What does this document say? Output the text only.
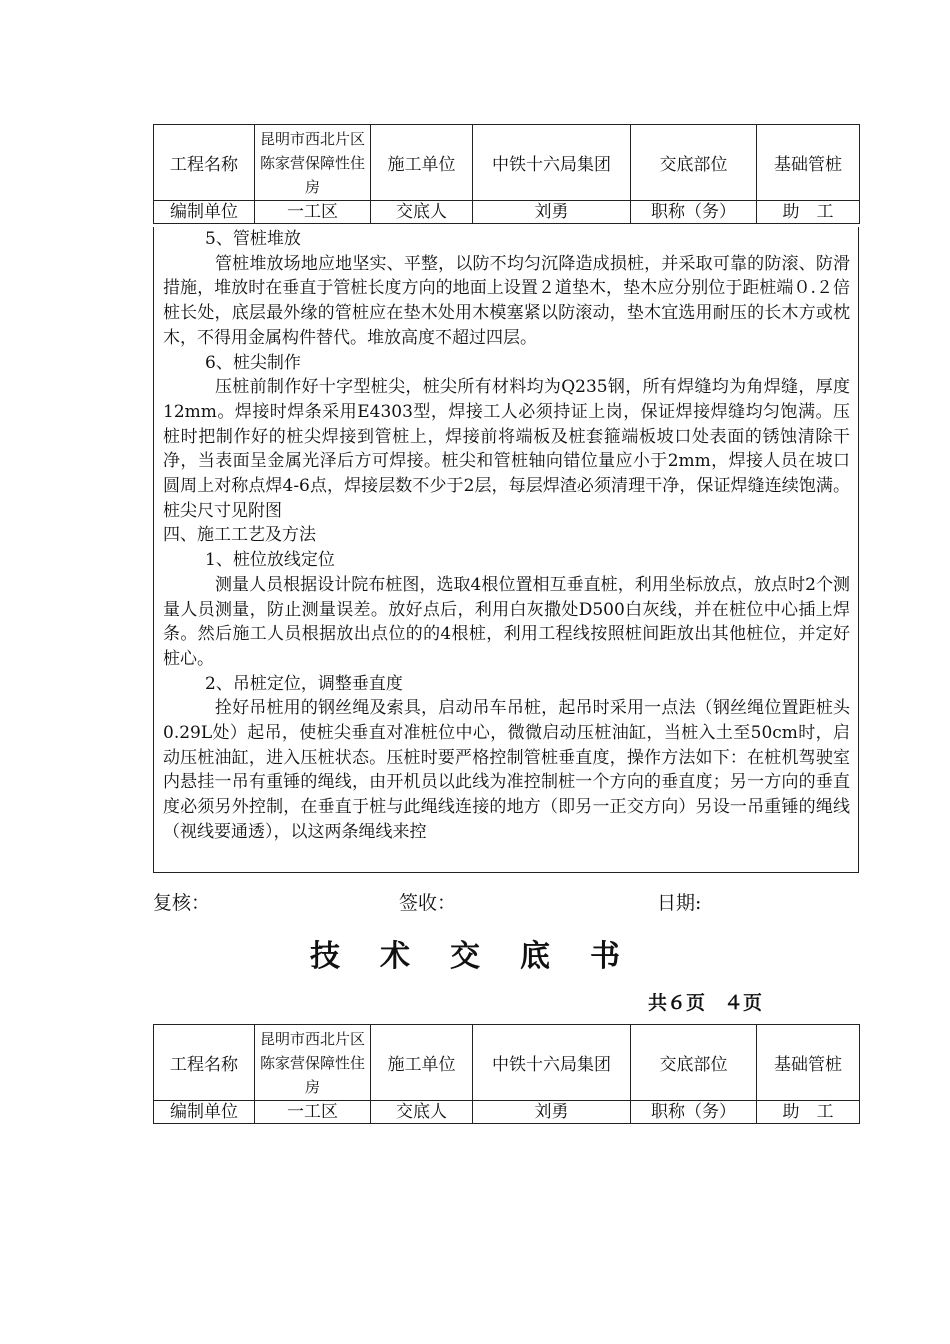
工程名称	昆明市西北片区陈家营保障性住房	施工单位	中铁十六局集团	交底部位	基础管桩
编制单位	一工区	交底人	刘勇	职称（务）	助　工

5、管桩堆放

管桩堆放场地应地坚实、平整，以防不均匀沉降造成损桩，并采取可靠的防滚、防滑措施，堆放时在垂直于管桩长度方向的地面上设置２道垫木，垫木应分别位于距桩端０.２倍桩长处，底层最外缘的管桩应在垫木处用木模塞紧以防滚动，垫木宜选用耐压的长木方或枕木，不得用金属构件替代。堆放高度不超过四层。

6、桩尖制作

压桩前制作好十字型桩尖，桩尖所有材料均为Q235钢，所有焊缝均为角焊缝，厚度12mm。焊接时焊条采用E4303型，焊接工人必须持证上岗，保证焊接焊缝均匀饱满。压桩时把制作好的桩尖焊接到管桩上，焊接前将端板及桩套箍端板坡口处表面的锈蚀清除干净，当表面呈金属光泽后方可焊接。桩尖和管桩轴向错位量应小于2mm，焊接人员在坡口圆周上对称点焊4-6点，焊接层数不少于2层，每层焊渣必须清理干净，保证焊缝连续饱满。桩尖尺寸见附图

四、施工工艺及方法

1、桩位放线定位

测量人员根据设计院布桩图，选取4根位置相互垂直桩，利用坐标放点，放点时2个测量人员测量，防止测量误差。放好点后，利用白灰撒处D500白灰线，并在桩位中心插上焊条。然后施工人员根据放出点位的的4根桩，利用工程线按照桩间距放出其他桩位，并定好桩心。

2、吊桩定位，调整垂直度

拴好吊桩用的钢丝绳及索具，启动吊车吊桩，起吊时采用一点法（钢丝绳位置距桩头0.29L处）起吊，使桩尖垂直对准桩位中心，微微启动压桩油缸，当桩入土至50cm时，启动压桩油缸，进入压桩状态。压桩时要严格控制管桩垂直度，操作方法如下：在桩机驾驶室内悬挂一吊有重锤的绳线，由开机员以此线为准控制桩一个方向的垂直度；另一方向的垂直度必须另外控制，在垂直于桩与此绳线连接的地方（即另一正交方向）另设一吊重锤的绳线（视线要通透），以这两条绳线来控

复核：	签收：	日期:
技术交底书
共６页　４页
工程名称	昆明市西北片区陈家营保障性住房	施工单位	中铁十六局集团	交底部位	基础管桩
编制单位	一工区	交底人	刘勇	职称（务）	助　工
